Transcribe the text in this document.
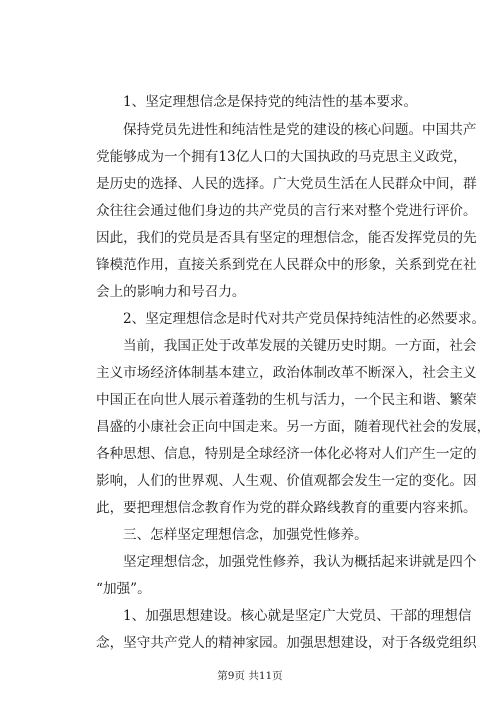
1、坚定理想信念是保持党的纯洁性的基本要求。
保持党员先进性和纯洁性是党的建设的核心问题。中国共产
党能够成为一个拥有13亿人口的大国执政的马克思主义政党，
是历史的选择、人民的选择。广大党员生活在人民群众中间，群
众往往会通过他们身边的共产党员的言行来对整个党进行评价。
因此，我们的党员是否具有坚定的理想信念，能否发挥党员的先
锋模范作用，直接关系到党在人民群众中的形象，关系到党在社
会上的影响力和号召力。
2、坚定理想信念是时代对共产党员保持纯洁性的必然要求。
当前，我国正处于改革发展的关键历史时期。一方面，社会
主义市场经济体制基本建立，政治体制改革不断深入，社会主义
中国正在向世人展示着蓬勃的生机与活力，一个民主和谐、繁荣
昌盛的小康社会正向中国走来。另一方面，随着现代社会的发展，
各种思想、信息，特别是全球经济一体化必将对人们产生一定的
影响，人们的世界观、人生观、价值观都会发生一定的变化。因
此，要把理想信念教育作为党的群众路线教育的重要内容来抓。
三、怎样坚定理想信念，加强党性修养。
坚定理想信念，加强党性修养，我认为概括起来讲就是四个
“加强”。
1、加强思想建设。核心就是坚定广大党员、干部的理想信
念，坚守共产党人的精神家园。加强思想建设，对于各级党组织
第9页 共11页
